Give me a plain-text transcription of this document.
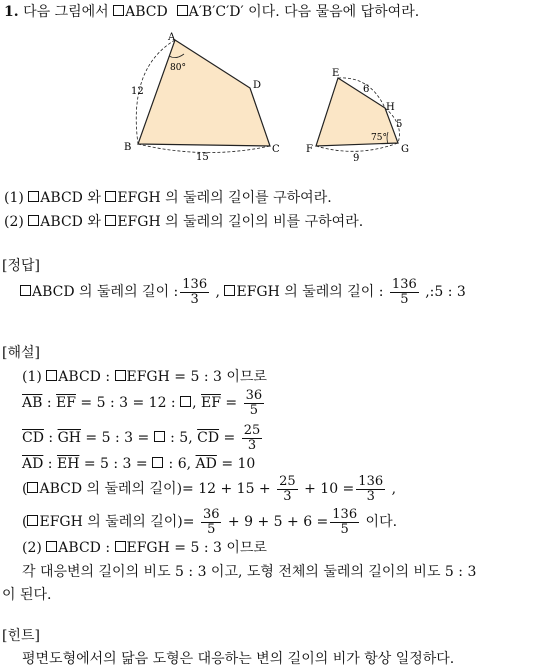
1. 다음 그림에서 ABCD A′B′C′D′ 이다. 다음 물음에 답하여라.
A
B	C
D
12
15
80°	E
F	G
H
6
5
9
75°
(1) ABCD 와 EFGH 의 둘레의 길이를 구하여라.
(2) ABCD 와 EFGH 의 둘레의 길이의 비를 구하여라.
[정답]
ABCD 의 둘레의 길이 : $\frac{136}{3}$ , EFGH 의 둘레의 길이 : $\frac{136}{5}$ ,:5 : 3
[해설]
(1) ABCD : EFGH = 5 : 3 이므로
$\overline{AB}$ : $\overline{EF} = 5$ : 3 = 12 : , $\overline{EF} = \frac{36}{5}$
$\overline{CD}$ : $\overline{GH} = 5$ : 3 =  : 5, $\overline{CD} = \frac{25}{3}$
$\overline{AD}$ : $\overline{EH} = 5$ : 3 =  : 6, $\overline{AD} = 10$
( ABCD 의 둘레의 길이)= $12 + 15 + \frac{25}{3} + 10 = \frac{136}{3}$ ,
( EFGH 의 둘레의 길이)= $\frac{36}{5} + 9 + 5 + 6 = \frac{136}{5}$ 이다.
(2) ABCD : EFGH = 5 : 3 이므로
각 대응변의 길이의 비도 5 : 3 이고, 도형 전체의 둘레의 길이의 비도 5 : 3
이 된다.
[힌트]
평면도형에서의 닮음 도형은 대응하는 변의 길이의 비가 항상 일정하다.
